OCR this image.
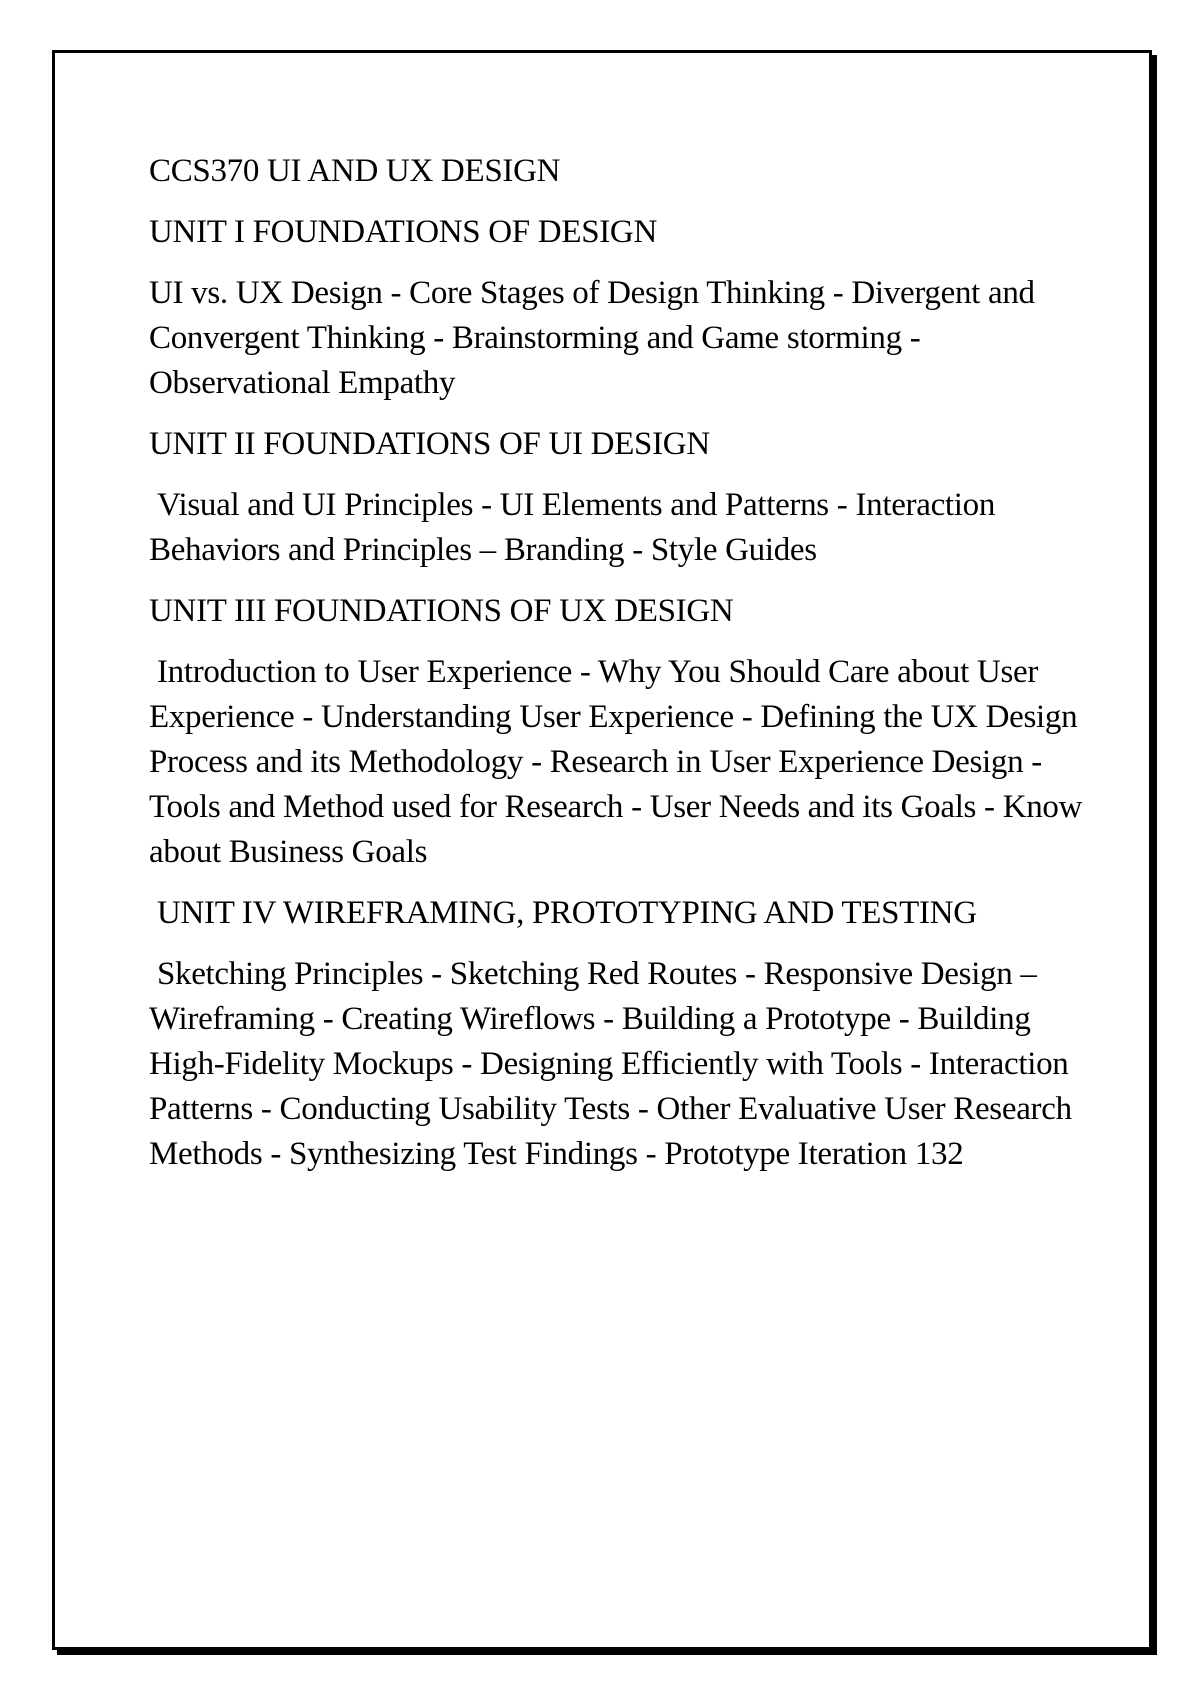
CCS370 UI AND UX DESIGN

UNIT I FOUNDATIONS OF DESIGN

UI vs. UX Design - Core Stages of Design Thinking - Divergent and Convergent Thinking - Brainstorming and Game storming - Observational Empathy

UNIT II FOUNDATIONS OF UI DESIGN

Visual and UI Principles - UI Elements and Patterns - Interaction Behaviors and Principles – Branding - Style Guides

UNIT III FOUNDATIONS OF UX DESIGN

Introduction to User Experience - Why You Should Care about User Experience - Understanding User Experience - Defining the UX Design Process and its Methodology - Research in User Experience Design - Tools and Method used for Research - User Needs and its Goals - Know about Business Goals

UNIT IV WIREFRAMING, PROTOTYPING AND TESTING

Sketching Principles - Sketching Red Routes - Responsive Design – Wireframing - Creating Wireflows - Building a Prototype - Building High-Fidelity Mockups - Designing Efficiently with Tools - Interaction Patterns - Conducting Usability Tests - Other Evaluative User Research Methods - Synthesizing Test Findings - Prototype Iteration 132
